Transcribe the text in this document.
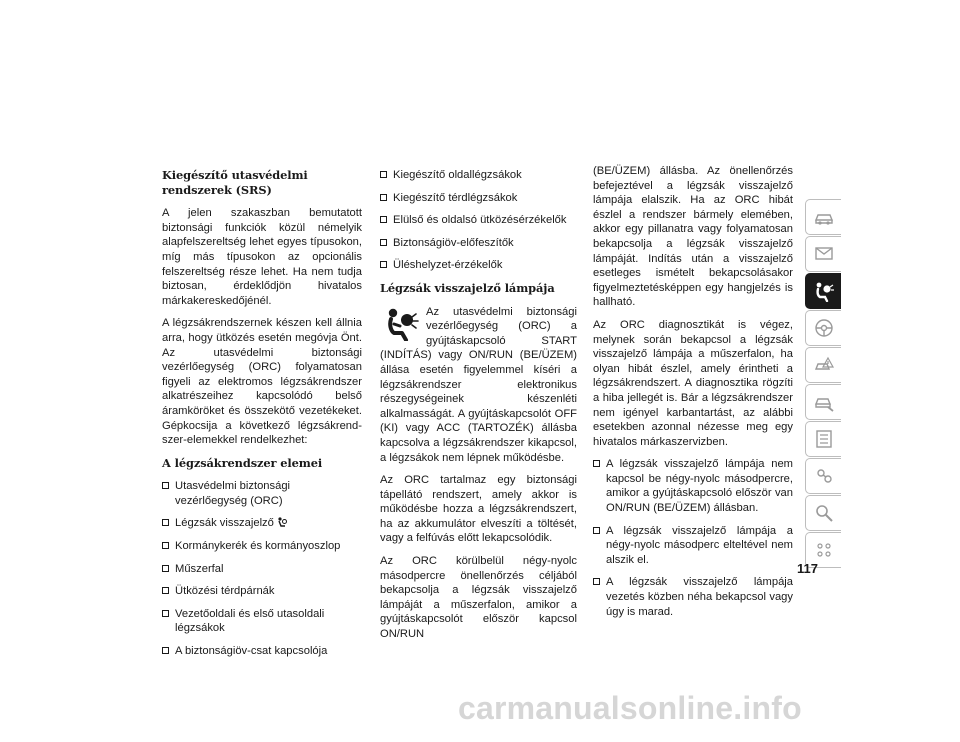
Kiegészítő utasvédelmi rendszerek (SRS)

A jelen szakaszban bemutatott biztonsági funkciók közül némelyik alapfelszereltség lehet egyes típusokon, míg más típusokon az opcionális felszereltség része lehet. Ha nem tudja biztosan, érdeklődjön hivatalos márkakereskedőjénél.

A légzsákrendszernek készen kell állnia arra, hogy ütközés esetén megóvja Önt. Az utasvédelmi biztonsági vezérlőegység (ORC) folyamatosan figyeli az elektromos légzsákrendszer alkatrészeihez kapcsolódó belső áramköröket és összekötő vezetékeket. Gépkocsija a következő légzsákrendszer-elemekkel rendelkezhet:

A légzsákrendszer elemei
Utasvédelmi biztonsági vezérlőegység (ORC)
Légzsák visszajelző
Kormánykerék és kormányoszlop
Műszerfal
Ütközési térdpárnák
Vezetőoldali és első utasoldali légzsákok
A biztonságiöv-csat kapcsolója
Kiegészítő oldallégzsákok
Kiegészítő térdlégzsákok
Elülső és oldalsó ütközésérzékelők
Biztonságiöv-előfeszítők
Üléshelyzet-érzékelők
Légzsák visszajelző lámpája

Az utasvédelmi biztonsági vezérlőegység (ORC) a gyújtáskapcsoló START (INDÍTÁS) vagy ON/RUN (BE/ÜZEM) állása esetén figyelemmel kíséri a légzsákrendszer elektronikus részegységeinek készenléti alkalmasságát. A gyújtáskapcsolót OFF (KI) vagy ACC (TARTOZÉK) állásba kapcsolva a légzsákrendszer kikapcsol, a légzsákok nem lépnek működésbe.

Az ORC tartalmaz egy biztonsági tápellátó rendszert, amely akkor is működésbe hozza a légzsákrendszert, ha az akkumulátor elveszíti a töltését, vagy a felfúvás előtt lekapcsolódik.

Az ORC körülbelül négy-nyolc másodpercre önellenőrzés céljából bekapcsolja a légzsák visszajelző lámpáját a műszerfalon, amikor a gyújtáskapcsolót először kapcsol ON/RUN

(BE/ÜZEM) állásba. Az önellenőrzés befejeztével a légzsák visszajelző lámpája elalszik. Ha az ORC hibát észlel a rendszer bármely elemében, akkor egy pillanatra vagy folyamatosan bekapcsolja a légzsák visszajelző lámpáját. Indítás után a visszajelző esetleges ismételt bekapcsolásakor figyelmeztetésképpen egy hangjelzés is hallható.

Az ORC diagnosztikát is végez, melynek során bekapcsol a légzsák visszajelző lámpája a műszerfalon, ha olyan hibát észlel, amely érintheti a légzsákrendszert. A diagnosztika rögzíti a hiba jellegét is. Bár a légzsákrendszer nem igényel karbantartást, az alábbi esetekben azonnal nézesse meg egy hivatalos márkaszervizben.

A légzsák visszajelző lámpája nem kapcsol be négy-nyolc másodpercre, amikor a gyújtáskapcsoló először van ON/RUN (BE/ÜZEM) állásban.
A légzsák visszajelző lámpája a négy-nyolc másodperc elteltével nem alszik el.
A légzsák visszajelző lámpája vezetés közben néha bekapcsol vagy úgy is marad.
117
carmanualsonline.info
